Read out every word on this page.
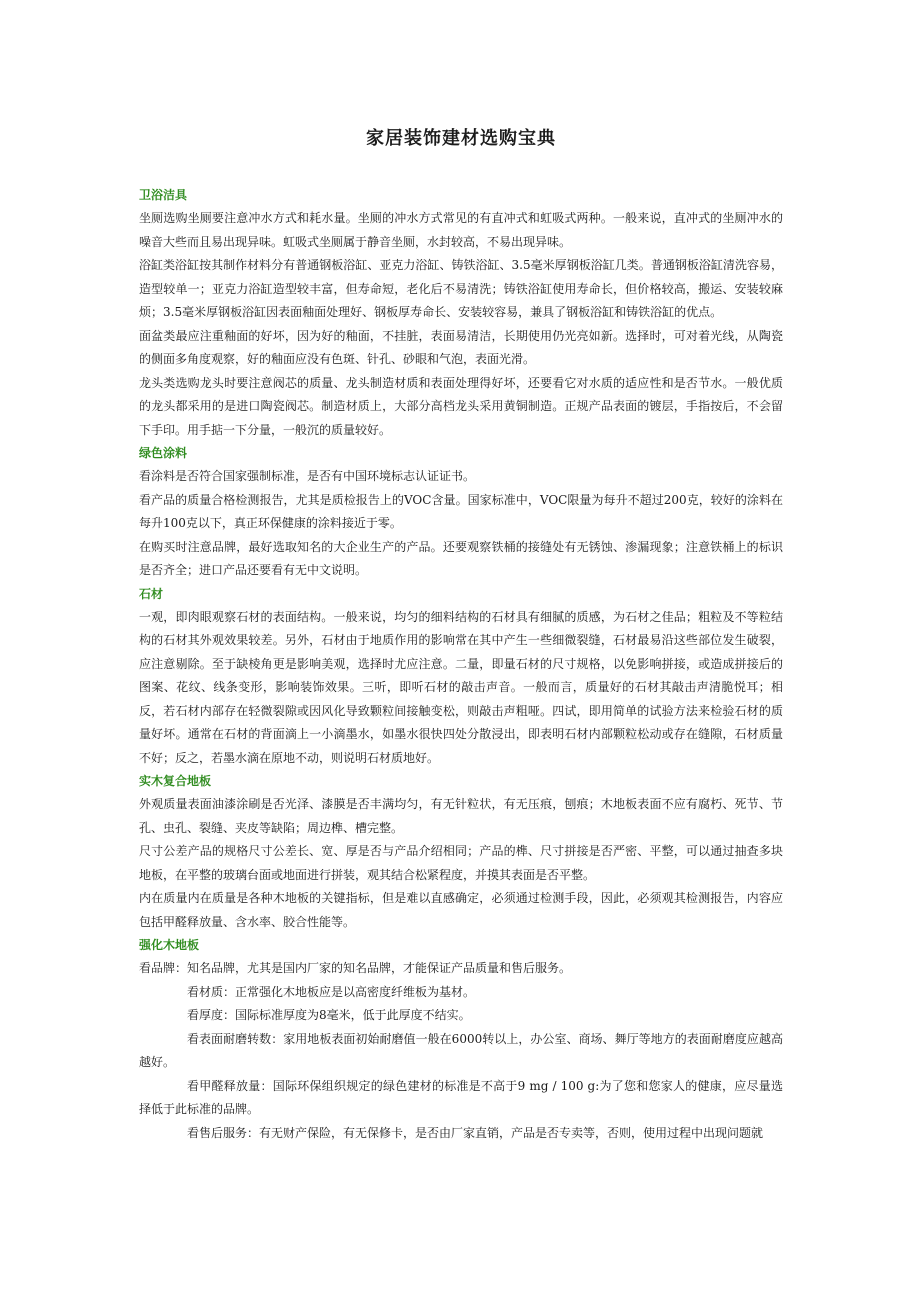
家居装饰建材选购宝典
卫浴洁具

坐厕选购坐厕要注意冲水方式和耗水量。坐厕的冲水方式常见的有直冲式和虹吸式两种。一般来说，直冲式的坐厕冲水的噪音大些而且易出现异味。虹吸式坐厕属于静音坐厕，水封较高，不易出现异味。

浴缸类浴缸按其制作材料分有普通钢板浴缸、亚克力浴缸、铸铁浴缸、3.5毫米厚钢板浴缸几类。普通钢板浴缸清洗容易，造型较单一；亚克力浴缸造型较丰富，但寿命短，老化后不易清洗；铸铁浴缸使用寿命长，但价格较高，搬运、安装较麻烦；3.5毫米厚钢板浴缸因表面釉面处理好、钢板厚寿命长、安装较容易，兼具了钢板浴缸和铸铁浴缸的优点。

面盆类最应注重釉面的好坏，因为好的釉面，不挂脏，表面易清洁，长期使用仍光亮如新。选择时，可对着光线，从陶瓷的侧面多角度观察，好的釉面应没有色斑、针孔、砂眼和气泡，表面光滑。

龙头类选购龙头时要注意阀芯的质量、龙头制造材质和表面处理得好坏，还要看它对水质的适应性和是否节水。一般优质的龙头都采用的是进口陶瓷阀芯。制造材质上，大部分高档龙头采用黄铜制造。正规产品表面的镀层，手指按后，不会留下手印。用手掂一下分量，一般沉的质量较好。

绿色涂料

看涂料是否符合国家强制标准，是否有中国环境标志认证证书。

看产品的质量合格检测报告，尤其是质检报告上的VOC含量。国家标准中，VOC限量为每升不超过200克，较好的涂料在每升100克以下，真正环保健康的涂料接近于零。

在购买时注意品牌，最好选取知名的大企业生产的产品。还要观察铁桶的接缝处有无锈蚀、渗漏现象；注意铁桶上的标识是否齐全；进口产品还要看有无中文说明。

石材

一观，即肉眼观察石材的表面结构。一般来说，均匀的细料结构的石材具有细腻的质感，为石材之佳品；粗粒及不等粒结构的石材其外观效果较差。另外，石材由于地质作用的影响常在其中产生一些细微裂缝，石材最易沿这些部位发生破裂，应注意剔除。至于缺棱角更是影响美观，选择时尤应注意。二量，即量石材的尺寸规格，以免影响拼接，或造成拼接后的图案、花纹、线条变形，影响装饰效果。三听，即听石材的敲击声音。一般而言，质量好的石材其敲击声清脆悦耳；相反，若石材内部存在轻微裂隙或因风化导致颗粒间接触变松，则敲击声粗哑。四试，即用简单的试验方法来检验石材的质量好坏。通常在石材的背面滴上一小滴墨水，如墨水很快四处分散浸出，即表明石材内部颗粒松动或存在缝隙，石材质量不好；反之，若墨水滴在原地不动，则说明石材质地好。

实木复合地板

外观质量表面油漆涂刷是否光泽、漆膜是否丰满均匀，有无针粒状，有无压痕，刨痕；木地板表面不应有腐朽、死节、节孔、虫孔、裂缝、夹皮等缺陷；周边榫、槽完整。

尺寸公差产品的规格尺寸公差长、宽、厚是否与产品介绍相同；产品的榫、尺寸拼接是否严密、平整，可以通过抽查多块地板，在平整的玻璃台面或地面进行拼装，观其结合松紧程度，并摸其表面是否平整。

内在质量内在质量是各种木地板的关键指标，但是难以直感确定，必须通过检测手段，因此，必须观其检测报告，内容应包括甲醛释放量、含水率、胶合性能等。

强化木地板

看品牌：知名品牌，尤其是国内厂家的知名品牌，才能保证产品质量和售后服务。

看材质：正常强化木地板应是以高密度纤维板为基材。

看厚度：国际标准厚度为8毫米，低于此厚度不结实。

看表面耐磨转数：家用地板表面初始耐磨值一般在6000转以上，办公室、商场、舞厅等地方的表面耐磨度应越高越好。

看甲醛释放量：国际环保组织规定的绿色建材的标准是不高于9 mg / 100 g:为了您和您家人的健康，应尽量选择低于此标准的品牌。

看售后服务：有无财产保险，有无保修卡，是否由厂家直销，产品是否专卖等，否则，使用过程中出现问题就
